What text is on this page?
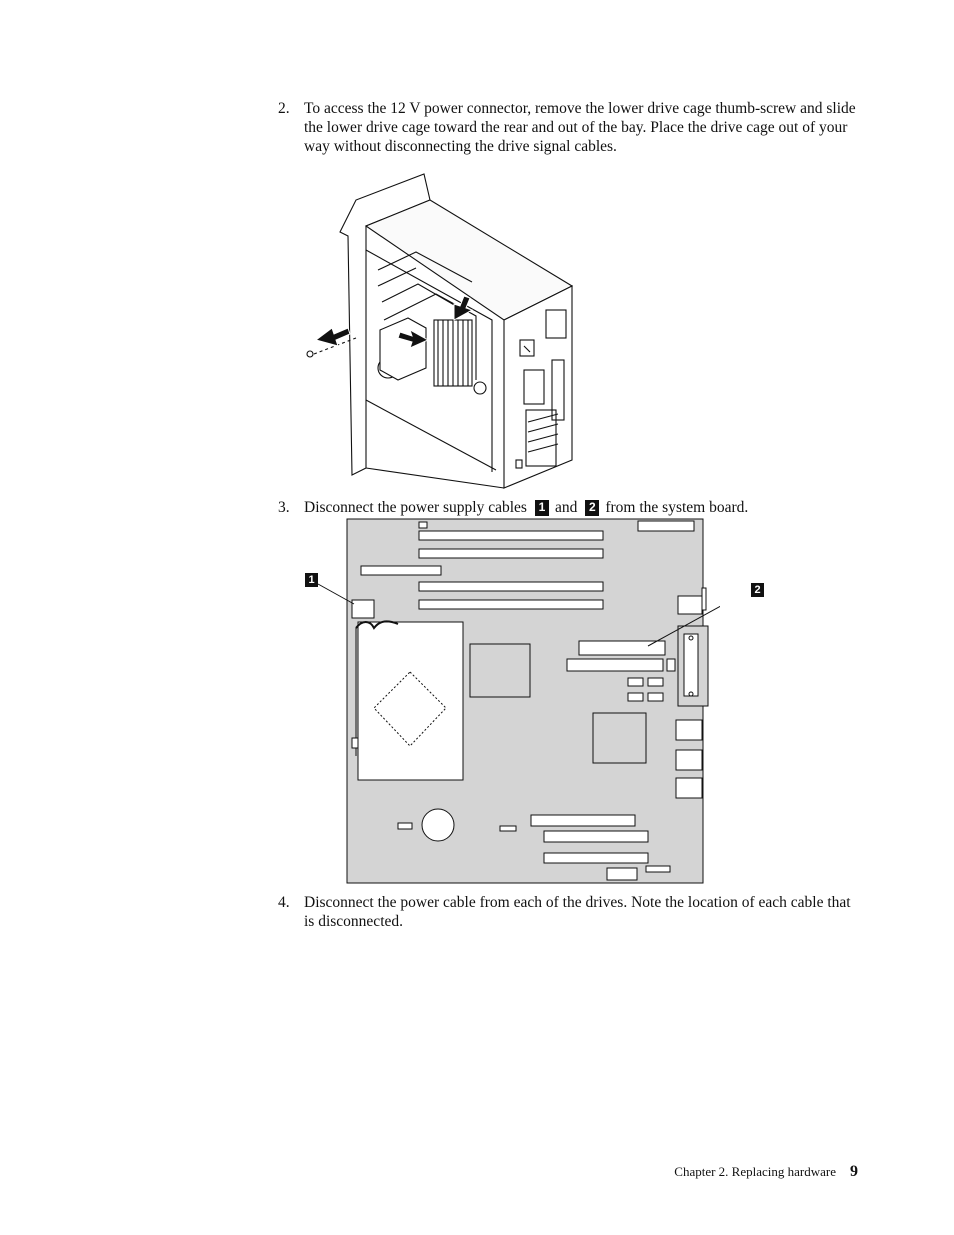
2. To access the 12 V power connector, remove the lower drive cage thumb-screw and slide the lower drive cage toward the rear and out of the bay. Place the drive cage out of your way without disconnecting the drive signal cables.
3. Disconnect the power supply cables 1 and 2 from the system board.
1
2
4. Disconnect the power cable from each of the drives. Note the location of each cable that is disconnected.
Chapter 2. Replacing hardware 9
